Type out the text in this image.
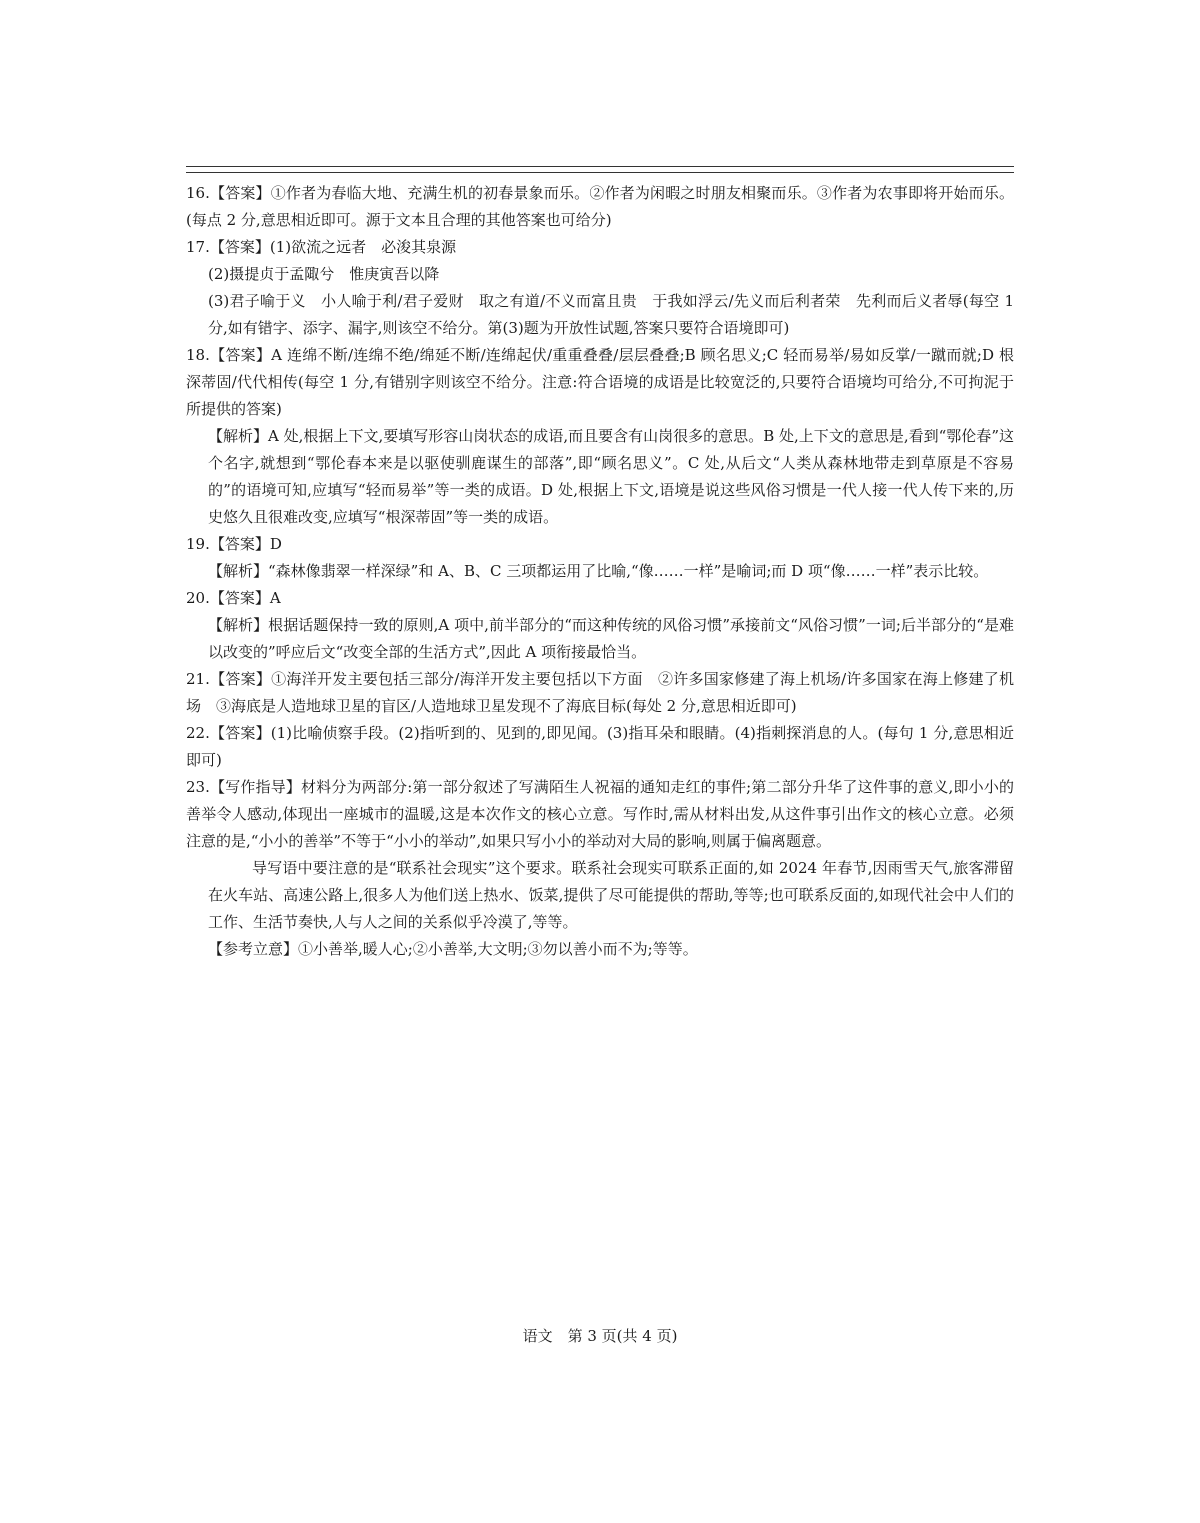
16.【答案】①作者为春临大地、充满生机的初春景象而乐。②作者为闲暇之时朋友相聚而乐。③作者为农事即将开始而乐。(每点 2 分,意思相近即可。源于文本且合理的其他答案也可给分)

17.【答案】(1)欲流之远者　必浚其泉源

(2)摄提贞于孟陬兮　惟庚寅吾以降

(3)君子喻于义　小人喻于利/君子爱财　取之有道/不义而富且贵　于我如浮云/先义而后利者荣　先利而后义者辱(每空 1 分,如有错字、添字、漏字,则该空不给分。第(3)题为开放性试题,答案只要符合语境即可)

18.【答案】A 连绵不断/连绵不绝/绵延不断/连绵起伏/重重叠叠/层层叠叠;B 顾名思义;C 轻而易举/易如反掌/一蹴而就;D 根深蒂固/代代相传(每空 1 分,有错别字则该空不给分。注意:符合语境的成语是比较宽泛的,只要符合语境均可给分,不可拘泥于所提供的答案)

【解析】A 处,根据上下文,要填写形容山岗状态的成语,而且要含有山岗很多的意思。B 处,上下文的意思是,看到“鄂伦春”这个名字,就想到“鄂伦春本来是以驱使驯鹿谋生的部落”,即“顾名思义”。C 处,从后文“人类从森林地带走到草原是不容易的”的语境可知,应填写“轻而易举”等一类的成语。D 处,根据上下文,语境是说这些风俗习惯是一代人接一代人传下来的,历史悠久且很难改变,应填写“根深蒂固”等一类的成语。

19.【答案】D

【解析】“森林像翡翠一样深绿”和 A、B、C 三项都运用了比喻,“像……一样”是喻词;而 D 项“像……一样”表示比较。

20.【答案】A

【解析】根据话题保持一致的原则,A 项中,前半部分的“而这种传统的风俗习惯”承接前文“风俗习惯”一词;后半部分的“是难以改变的”呼应后文“改变全部的生活方式”,因此 A 项衔接最恰当。

21.【答案】①海洋开发主要包括三部分/海洋开发主要包括以下方面　②许多国家修建了海上机场/许多国家在海上修建了机场　③海底是人造地球卫星的盲区/人造地球卫星发现不了海底目标(每处 2 分,意思相近即可)

22.【答案】(1)比喻侦察手段。(2)指听到的、见到的,即见闻。(3)指耳朵和眼睛。(4)指刺探消息的人。(每句 1 分,意思相近即可)

23.【写作指导】材料分为两部分:第一部分叙述了写满陌生人祝福的通知走红的事件;第二部分升华了这件事的意义,即小小的善举令人感动,体现出一座城市的温暖,这是本次作文的核心立意。写作时,需从材料出发,从这件事引出作文的核心立意。必须注意的是,“小小的善举”不等于“小小的举动”,如果只写小小的举动对大局的影响,则属于偏离题意。

导写语中要注意的是“联系社会现实”这个要求。联系社会现实可联系正面的,如 2024 年春节,因雨雪天气,旅客滞留在火车站、高速公路上,很多人为他们送上热水、饭菜,提供了尽可能提供的帮助,等等;也可联系反面的,如现代社会中人们的工作、生活节奏快,人与人之间的关系似乎冷漠了,等等。

【参考立意】①小善举,暖人心;②小善举,大文明;③勿以善小而不为;等等。

语文　第 3 页(共 4 页)
